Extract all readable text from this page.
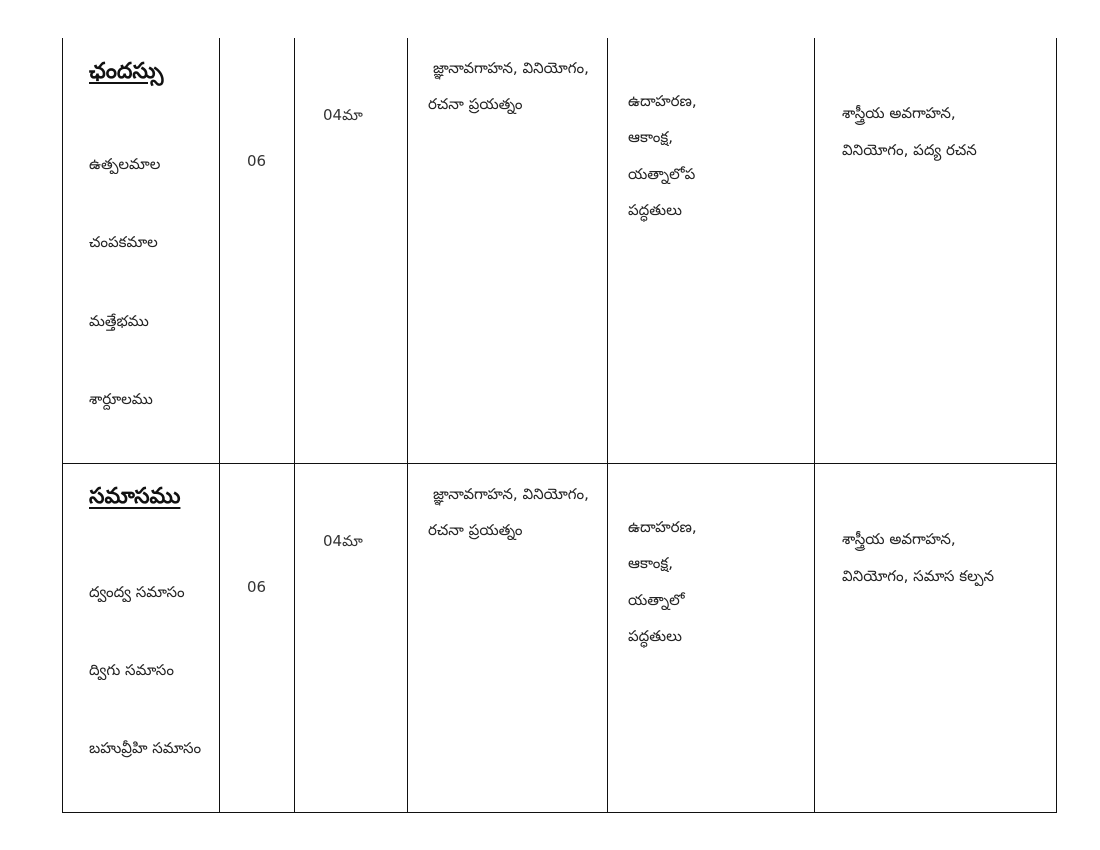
ఛందస్సు
ఉత్పలమాల
చంపకమాల
మత్తేభము
శార్దూలము
06
04మా
జ్ఞానావగాహన, వినియోగం,
రచనా ప్రయత్నం	ఉదాహరణ,
ఆకాంక్ష,
యత్నాలోప
పద్ధతులు
శాస్త్రీయ అవగాహన,
వినియోగం, పద్య రచన
సమాసము
ద్వంద్వ సమాసం
ద్విగు సమాసం
బహువ్రీహి సమాసం
06
04మా
జ్ఞానావగాహన, వినియోగం,
రచనా ప్రయత్నం	ఉదాహరణ,
ఆకాంక్ష,
యత్నాలో
పద్ధతులు
శాస్త్రీయ అవగాహన,
వినియోగం, సమాస కల్పన
